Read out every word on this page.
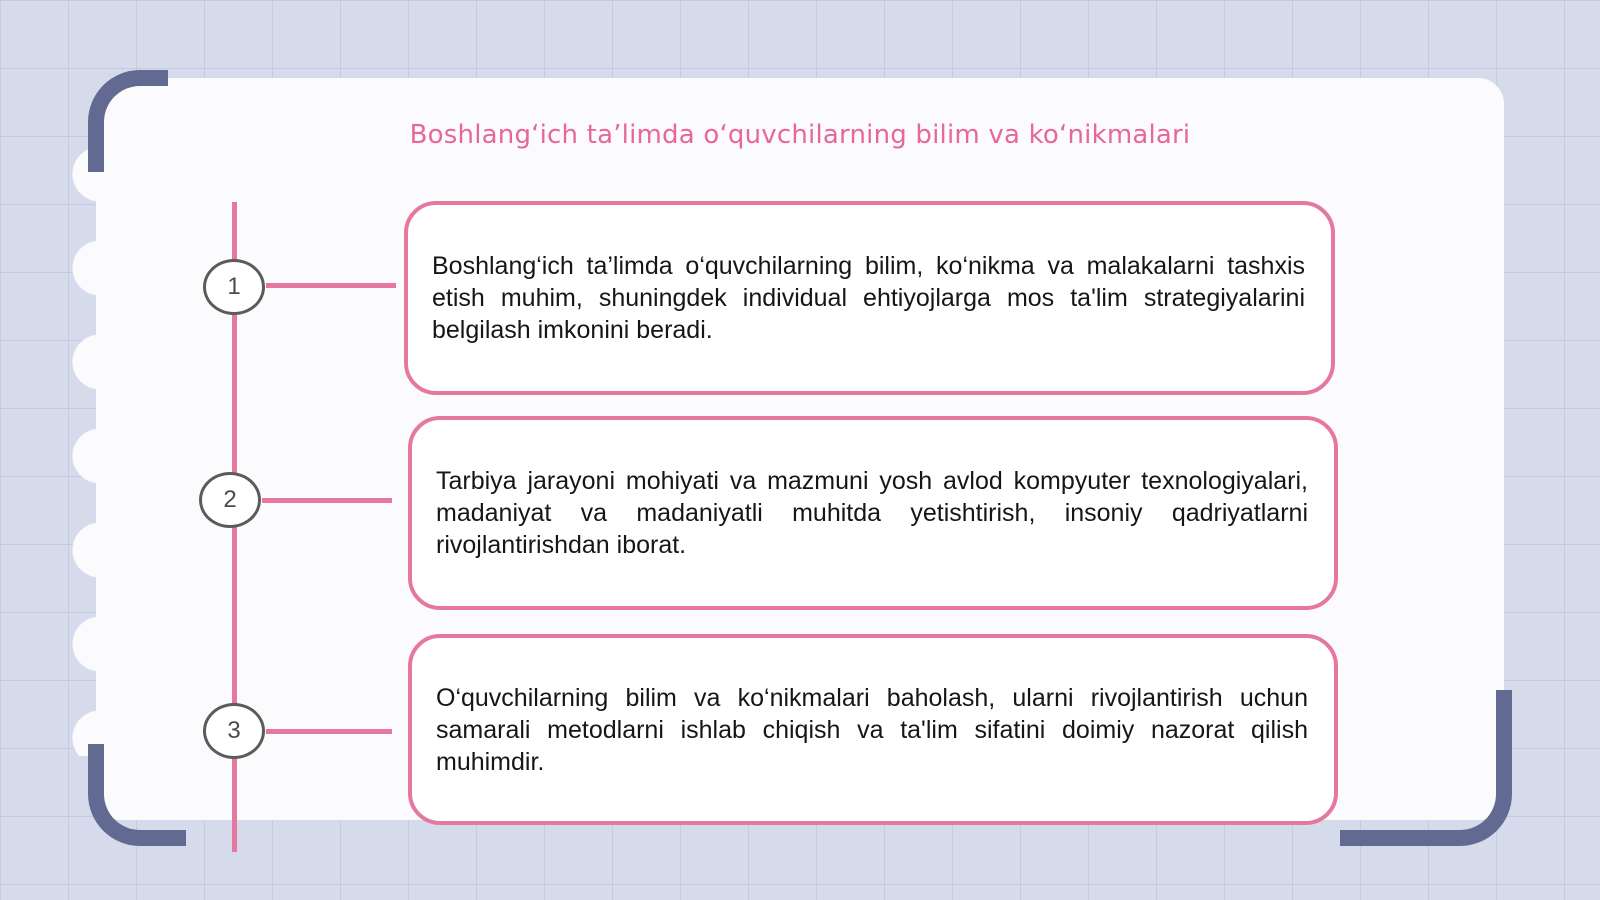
Boshlang‘ich ta’limda o‘quvchilarning bilim va ko‘nikmalari
1

Boshlang‘ich ta’limda o‘quvchilarning bilim, ko‘nikma va malakalarni tashxis etish muhim, shuningdek individual ehtiyojlarga mos ta'lim strategiyalarini belgilash imkonini beradi.

2

Tarbiya jarayoni mohiyati va mazmuni yosh avlod kompyuter texnologiyalari, madaniyat va madaniyatli muhitda yetishtirish, insoniy qadriyatlarni rivojlantirishdan iborat.

3

O‘quvchilarning bilim va ko‘nikmalari baholash, ularni rivojlantirish uchun samarali metodlarni ishlab chiqish va ta'lim sifatini doimiy nazorat qilish muhimdir.
